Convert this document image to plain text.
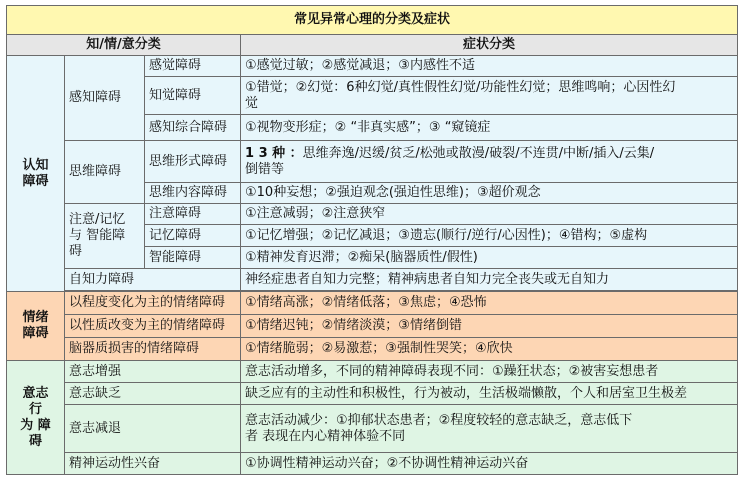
常见异常心理的分类及症状			
知/情/意分类			症状分类

认知
障碍	感知障碍	感觉障碍	①感觉过敏；②感觉减退；③内感性不适
		知觉障碍	①错觉；②幻觉：6种幻觉/真性假性幻觉/功能性幻觉；思维鸣响；心因性幻
觉

		感知综合障碍	①视物变形症；② “非真实感”；③ “窥镜症
	思维障碍	思维形式障碍	1 3 种 ：思维奔逸/迟缓/贫乏/松弛或散漫/破裂/不连贯/中断/插入/云集/
倒错等

		思维内容障碍	①10种妄想；②强迫观念(强迫性思维)；③超价观念

	注意/记忆
与 智能障
碍	注意障碍	①注意减弱；②注意狭窄
		记忆障碍	①记忆增强；②记忆减退；③遗忘(顺行/逆行/心因性)；④错构；⑤虚构
		智能障碍	①精神发育迟滞；②痴呆(脑器质性/假性)
	自知力障碍		神经症患者自知力完整；精神病患者自知力完全丧失或无自知力

情绪
障碍	以程度变化为主的情绪障碍		①情绪高涨；②情绪低落；③焦虑；④恐怖
	以性质改变为主的情绪障碍		①情绪迟钝；②情绪淡漠；③情绪倒错
	脑器质损害的情绪障碍		①情绪脆弱；②易激惹；③强制性哭笑；④欣快

意志
行
为 障
碍	意志增强		意志活动增多，不同的精神障碍表现不同：①躁狂状态；②被害妄想患者
	意志缺乏		缺乏应有的主动性和积极性，行为被动，生活极端懒散，个人和居室卫生极差
	意志减退		意志活动减少：①抑郁状态患者；②程度较轻的意志缺乏，意志低下
者 表现在内心精神体验不同

	精神运动性兴奋		①协调性精神运动兴奋；②不协调性精神运动兴奋
